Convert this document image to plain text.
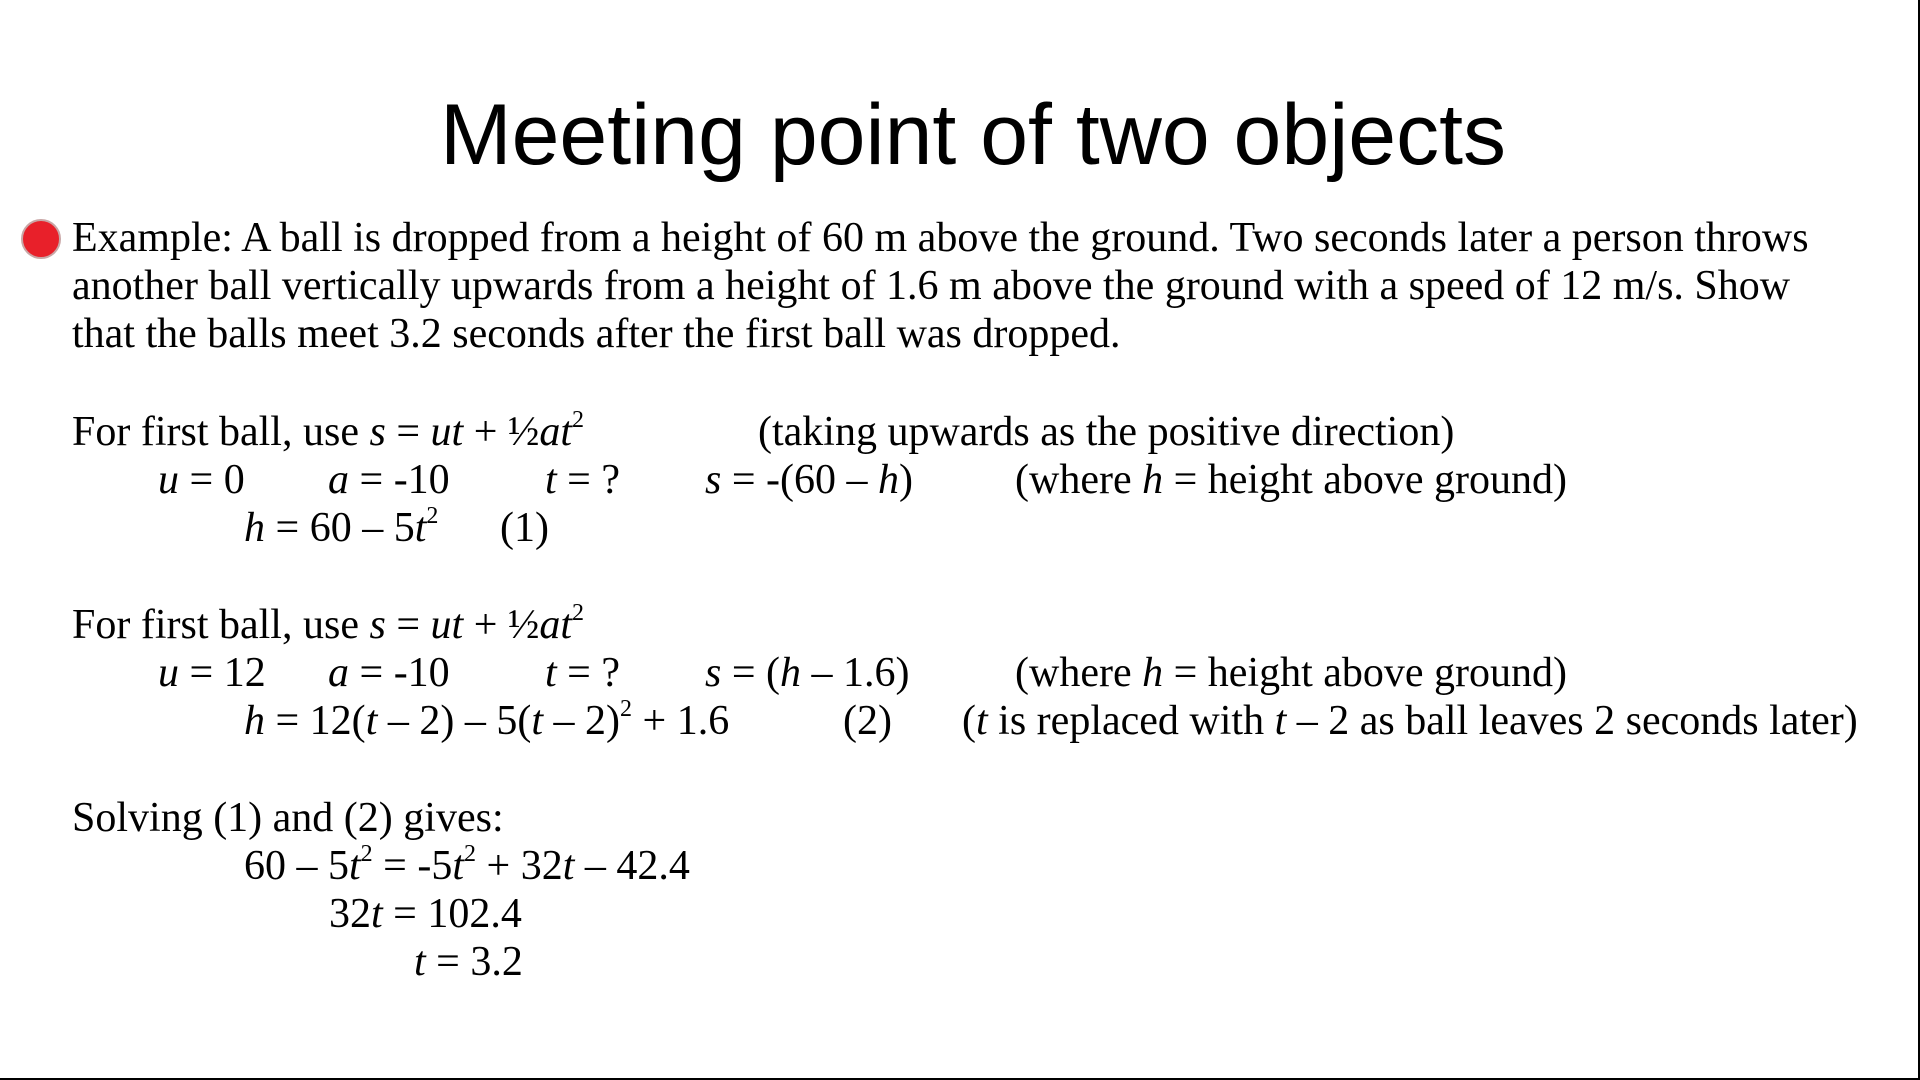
Meeting point of two objects
Example: A ball is dropped from a height of 60 m above the ground. Two seconds later a person throws
another ball vertically upwards from a height of 1.6 m above the ground with a speed of 12 m/s. Show
that the balls meet 3.2 seconds after the first ball was dropped.
For first ball, use s = ut + $\frac{1}{2}at^2$	(taking upwards as the positive direction)
u = 0 a = -10 t = ? s = -(60 – h) (where h = height above ground)
$h = 60 - 5t^2$ (1)
For first ball, use s = ut + $\frac{1}{2}at^2$
u = 12 a = -10 t = ? s = (h – 1.6)	(where h = height above ground)
h = 12(t – 2) – 5(t – 2)$^2$ + 1.6	(2) (t is replaced with t – 2 as ball leaves 2 seconds later)
Solving (1) and (2) gives:
$60 - 5t^2 = -5t^2 + 32t - 42.4$
32t = 102.4
t = 3.2
